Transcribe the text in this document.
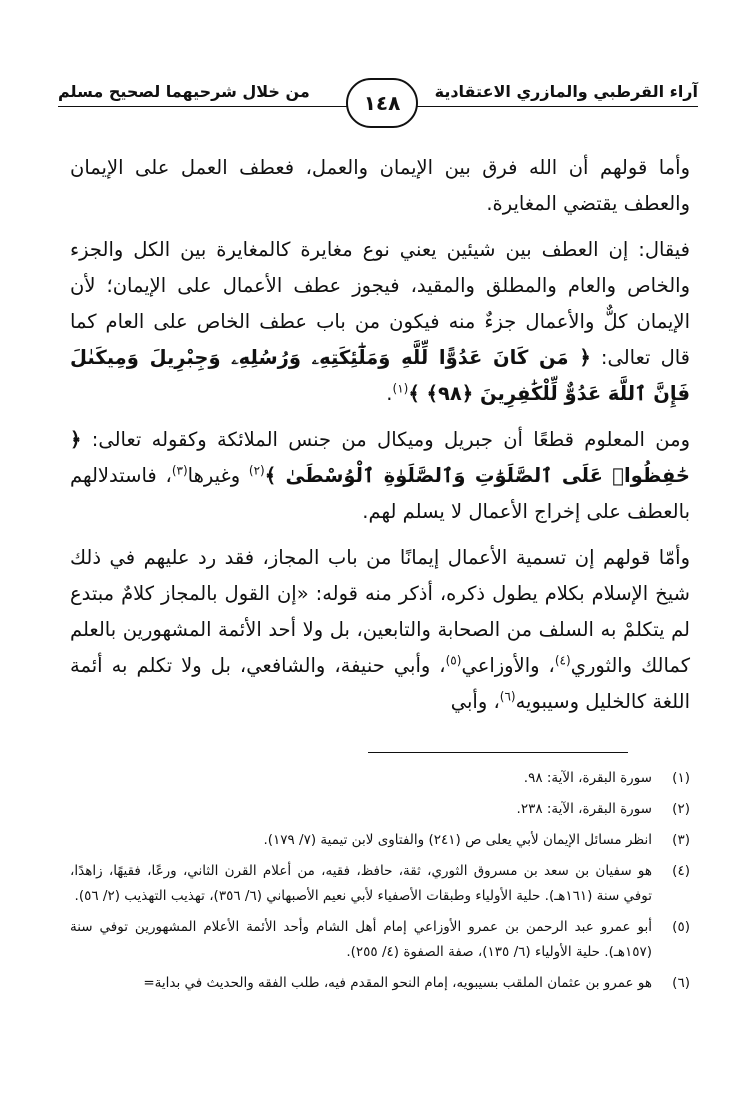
آراء القرطبي والمازري الاعتقادية
١٤٨
من خلال شرحيهما لصحيح مسلم

وأما قولهم أن الله فرق بين الإيمان والعمل، فعطف العمل على الإيمان والعطف يقتضي المغايرة.

فيقال: إن العطف بين شيئين يعني نوع مغايرة كالمغايرة بين الكل والجزء والخاص والعام والمطلق والمقيد، فيجوز عطف الأعمال على الإيمان؛ لأن الإيمان كلٌّ والأعمال جزءٌ منه فيكون من باب عطف الخاص على العام كما قال تعالى: ﴿ مَن كَانَ عَدُوًّا لِّلَّهِ وَمَلَٰٓئِكَتِهِۦ وَرُسُلِهِۦ وَجِبْرِيلَ وَمِيكَىٰلَ فَإِنَّ ٱللَّهَ عَدُوٌّ لِّلْكَٰفِرِينَ ﴿٩٨﴾ ﴾$^{(١)}$.

ومن المعلوم قطعًا أن جبريل وميكال من جنس الملائكة وكقوله تعالى: ﴿ حَٰفِظُوا۟ عَلَى ٱلصَّلَوَٰتِ وَٱلصَّلَوٰةِ ٱلْوُسْطَىٰ ﴾$^{(٢)}$ وغيرها$^{(٣)}$، فاستدلالهم بالعطف على إخراج الأعمال لا يسلم لهم.

وأمّا قولهم إن تسمية الأعمال إيمانًا من باب المجاز، فقد رد عليهم في ذلك شيخ الإسلام بكلام يطول ذكره، أذكر منه قوله: «إن القول بالمجاز كلامٌ مبتدع لم يتكلمْ به السلف من الصحابة والتابعين، بل ولا أحد الأئمة المشهورين بالعلم كمالك والثوري$^{(٤)}$، والأوزاعي$^{(٥)}$، وأبي حنيفة، والشافعي، بل ولا تكلم به أئمة اللغة كالخليل وسيبويه$^{(٦)}$، وأبي

(١)
سورة البقرة، الآية: ٩٨.
(٢)
سورة البقرة، الآية: ٢٣٨.
(٣)
انظر مسائل الإيمان لأبي يعلى ص (٢٤١) والفتاوى لابن تيمية (٧/ ١٧٩).
(٤)
هو سفيان بن سعد بن مسروق الثوري، ثقة، حافظ، فقيه، من أعلام القرن الثاني، ورعًا، فقيهًا، زاهدًا، توفي سنة (١٦١هـ). حلية الأولياء وطبقات الأصفياء لأبي نعيم الأصبهاني (٦/ ٣٥٦)، تهذيب التهذيب (٢/ ٥٦).
(٥)
أبو عمرو عبد الرحمن بن عمرو الأوزاعي إمام أهل الشام وأحد الأئمة الأعلام المشهورين توفي سنة (١٥٧هـ). حلية الأولياء (٦/ ١٣٥)، صفة الصفوة (٤/ ٢٥٥).
(٦)
هو عمرو بن عثمان الملقب بسيبويه، إمام النحو المقدم فيه، طلب الفقه والحديث في بداية=
